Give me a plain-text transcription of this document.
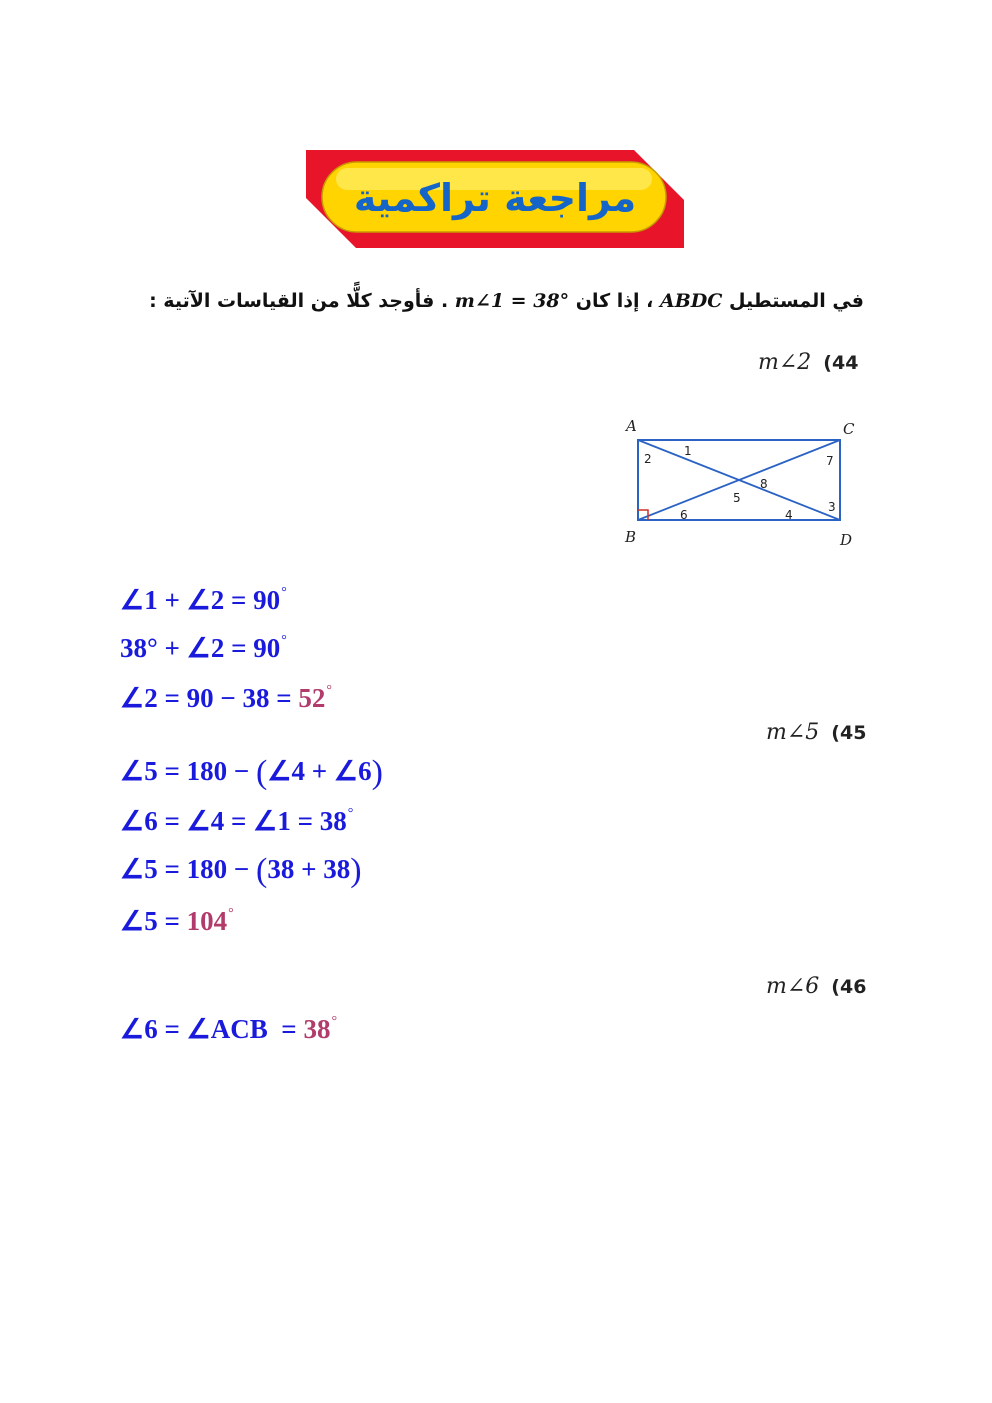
مراجعة تراكمية
في المستطيل ABDC ، إذا كان m∠1 = 38° . فأوجد كلًّا من القياسات الآتية :
m∠2 (44
A	C
B	D
1
2
3
4
5
6
7
8
∠1 + ∠2 = 90°
38° + ∠2 = 90°
∠2 = 90 − 38 = 52°
m∠5 (45
∠5 = 180 − (∠4 + ∠6)
∠6 = ∠4 = ∠1 = 38°
∠5 = 180 − (38 + 38)
∠5 = 104°
m∠6 (46
∠6 = ∠ACB  = 38°
